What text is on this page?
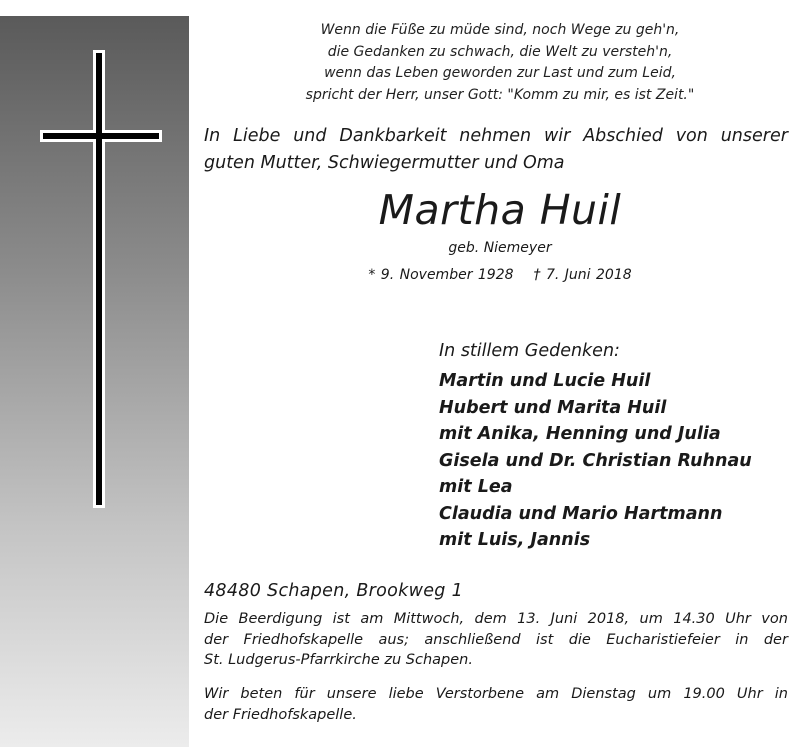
Wenn die Füße zu müde sind, noch Wege zu geh'n,
die Gedanken zu schwach, die Welt zu versteh'n,
wenn das Leben geworden zur Last und zum Leid,
spricht der Herr, unser Gott: "Komm zu mir, es ist Zeit."
In Liebe und Dankbarkeit nehmen wir Abschied von unserer
guten Mutter, Schwiegermutter und Oma
Martha Huil
geb. Niemeyer
* 9. November 1928 † 7. Juni 2018
In stillem Gedenken:
Martin und Lucie Huil
Hubert und Marita Huil
mit Anika, Henning und Julia
Gisela und Dr. Christian Ruhnau
mit Lea
Claudia und Mario Hartmann
mit Luis, Jannis
48480 Schapen, Brookweg 1
Die Beerdigung ist am Mittwoch, dem 13. Juni 2018, um 14.30 Uhr von
der Friedhofskapelle aus; anschließend ist die Eucharistiefeier in der
St. Ludgerus-Pfarrkirche zu Schapen.
Wir beten für unsere liebe Verstorbene am Dienstag um 19.00 Uhr in
der Friedhofskapelle.
